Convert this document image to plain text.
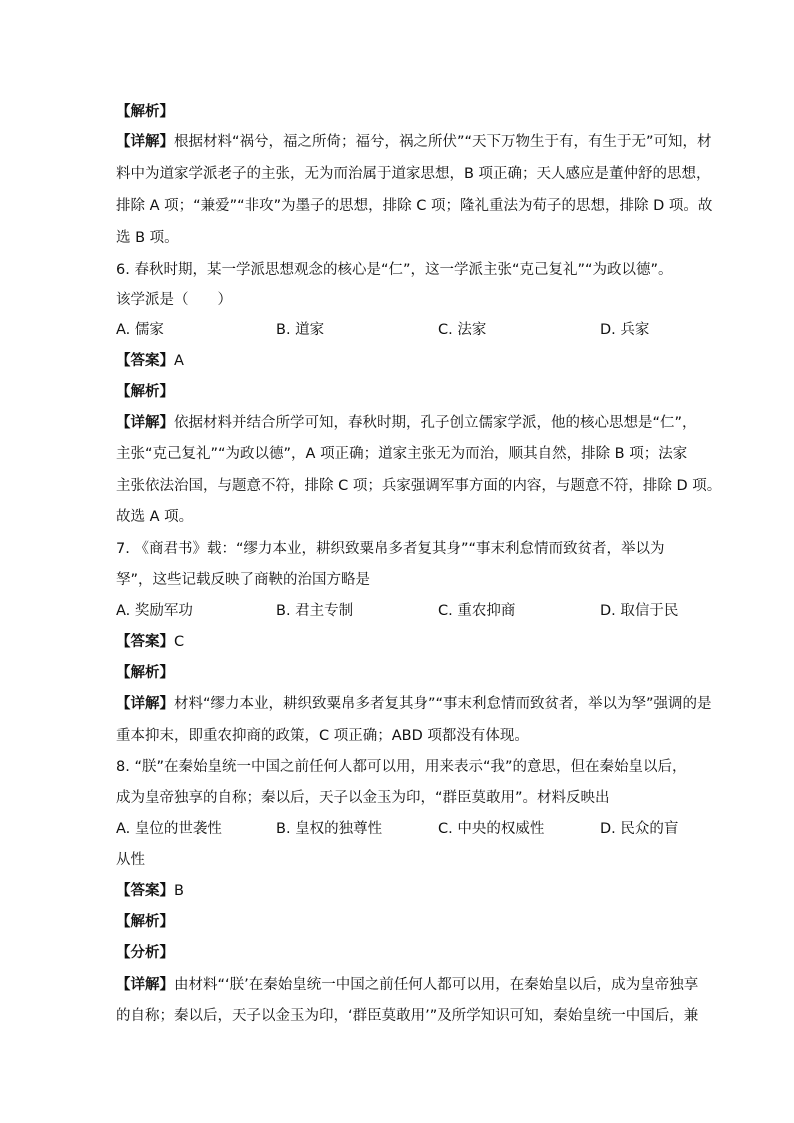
【解析】
【详解】根据材料“祸兮，福之所倚；福兮，祸之所伏”“天下万物生于有，有生于无”可知，材
料中为道家学派老子的主张，无为而治属于道家思想，B 项正确；天人感应是董仲舒的思想，
排除 A 项；“兼爱”“非攻”为墨子的思想，排除 C 项；隆礼重法为荀子的思想，排除 D 项。故
选 B 项。
6. 春秋时期，某一学派思想观念的核心是“仁”，这一学派主张“克己复礼”“为政以德”。
该学派是（　　）
A. 儒家	B. 道家	C. 法家	D. 兵家
【答案】A
【解析】
【详解】依据材料并结合所学可知，春秋时期，孔子创立儒家学派，他的核心思想是“仁”，
主张“克己复礼”“为政以德”，A 项正确；道家主张无为而治，顺其自然，排除 B 项；法家
主张依法治国，与题意不符，排除 C 项；兵家强调军事方面的内容，与题意不符，排除 D 项。
故选 A 项。
7. 《商君书》载：“缪力本业，耕织致粟帛多者复其身”“事末利怠情而致贫者，举以为
孥”，这些记载反映了商鞅的治国方略是
A. 奖励军功	B. 君主专制	C. 重农抑商	D. 取信于民
【答案】C
【解析】
【详解】材料“缪力本业，耕织致粟帛多者复其身”“事末利怠情而致贫者，举以为孥”强调的是
重本抑末，即重农抑商的政策，C 项正确；ABD 项都没有体现。
8. “朕”在秦始皇统一中国之前任何人都可以用，用来表示“我”的意思，但在秦始皇以后，
成为皇帝独享的自称；秦以后，天子以金玉为印，“群臣莫敢用”。材料反映出
A. 皇位的世袭性	B. 皇权的独尊性	C. 中央的权威性	D. 民众的盲
从性
【答案】B
【解析】
【分析】
【详解】由材料“‘朕’在秦始皇统一中国之前任何人都可以用，在秦始皇以后，成为皇帝独享
的自称；秦以后，天子以金玉为印，‘群臣莫敢用’”及所学知识可知，秦始皇统一中国后，兼
